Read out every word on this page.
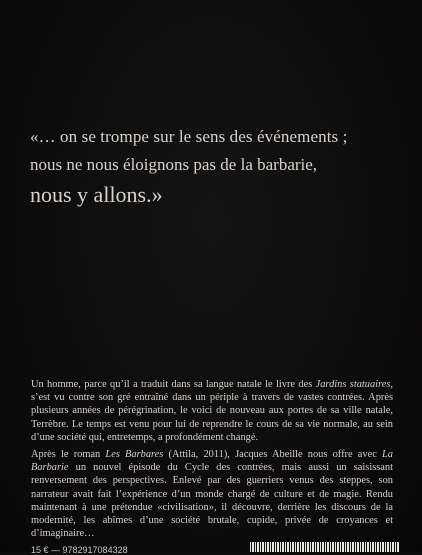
«… on se trompe sur le sens des événements ;
nous ne nous éloignons pas de la barbarie,
nous y allons.»

Un homme, parce qu’il a traduit dans sa langue natale le livre des Jardins statuaires, s’est vu contre son gré entraîné dans un périple à travers de vastes contrées. Après plusieurs années de pérégrination, le voici de nouveau aux portes de sa ville natale, Terrèbre. Le temps est venu pour lui de reprendre le cours de sa vie normale, au sein d’une société qui, entretemps, a profondément changé.

Après le roman Les Barbares (Attila, 2011), Jacques Abeille nous offre avec La Barbarie un nouvel épisode du Cycle des contrées, mais aussi un saisissant renversement des perspectives. Enlevé par des guerriers venus des steppes, son narrateur avait fait l’expérience d’un monde chargé de culture et de magie. Rendu maintenant à une prétendue «civilisation», il découvre, derrière les discours de la modernité, les abîmes d’une société brutale, cupide, privée de croyances et d’imaginaire…

15 € — 9782917084328
